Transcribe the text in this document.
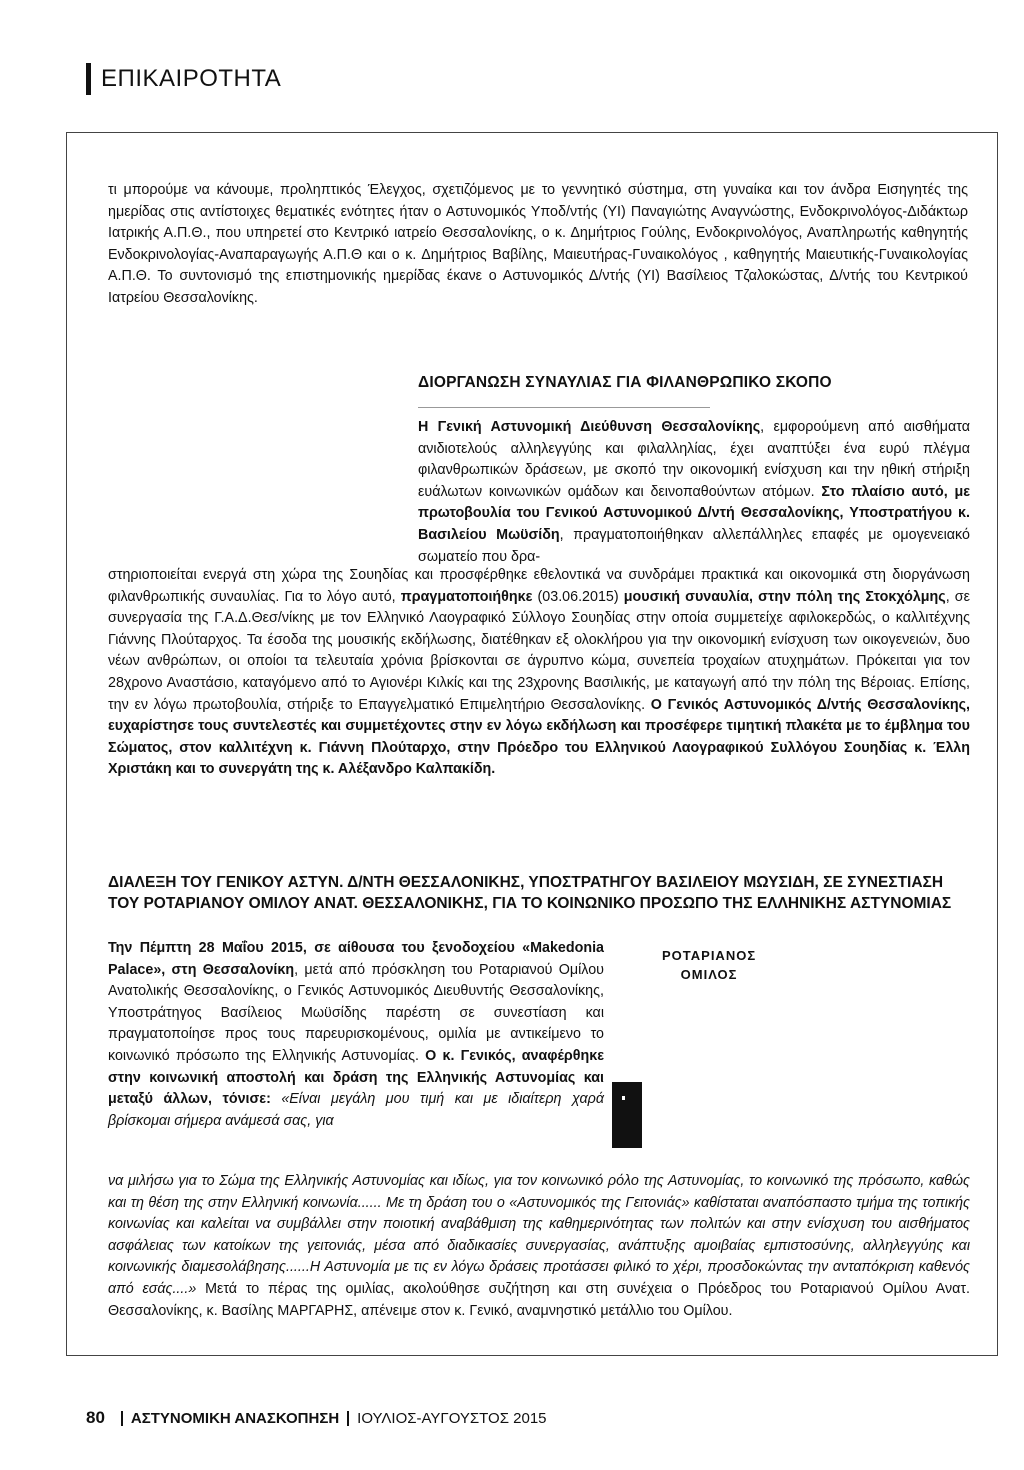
ΕΠΙΚΑΙΡΟΤΗΤΑ
τι μπορούμε να κάνουμε, προληπτικός Έλεγχος, σχετιζόμενος με το γεννητικό σύστημα, στη γυναίκα και τον άνδρα Εισηγητές της ημερίδας στις αντίστοιχες θεματικές ενότητες ήταν ο Αστυνομικός Υποδ/ντής (ΥΙ) Παναγιώτης Αναγνώστης, Ενδοκρινολόγος-Διδάκτωρ Ιατρικής Α.Π.Θ., που υπηρετεί στο Κεντρικό ιατρείο Θεσσαλονίκης, ο κ. Δημήτριος Γούλης, Ενδοκρινολόγος, Αναπληρωτής καθηγητής Ενδοκρινολογίας-Αναπαραγωγής Α.Π.Θ και ο κ. Δημήτριος Βαβίλης, Μαιευτήρας-Γυναικολόγος , καθηγητής Μαιευτικής-Γυναικολογίας Α.Π.Θ. Το συντονισμό της επιστημονικής ημερίδας έκανε ο Αστυνομικός Δ/ντής (ΥΙ) Βασίλειος Τζαλοκώστας, Δ/ντής του Κεντρικού Ιατρείου Θεσσαλονίκης.
ΔΙΟΡΓΑΝΩΣΗ ΣΥΝΑΥΛΙΑΣ ΓΙΑ ΦΙΛΑΝΘΡΩΠΙΚΟ ΣΚΟΠΟ
Η Γενική Αστυνομική Διεύθυνση Θεσσαλονίκης, εμφορούμενη από αισθήματα ανιδιοτελούς αλληλεγγύης και φιλαλληλίας, έχει αναπτύξει ένα ευρύ πλέγμα φιλανθρωπικών δράσεων, με σκοπό την οικονομική ενίσχυση και την ηθική στήριξη ευάλωτων κοινωνικών ομάδων και δεινοπαθούντων ατόμων. Στο πλαίσιο αυτό, με πρωτοβουλία του Γενικού Αστυνομικού Δ/ντή Θεσσαλονίκης, Υποστρατήγου κ. Βασιλείου Μωϋσίδη, πραγματοποιήθηκαν αλλεπάλληλες επαφές με ομογενειακό σωματείο που δρα-
στηριοποιείται ενεργά στη χώρα της Σουηδίας και προσφέρθηκε εθελοντικά να συνδράμει πρακτικά και οικονομικά στη διοργάνωση φιλανθρωπικής συναυλίας. Για το λόγο αυτό, πραγματοποιήθηκε (03.06.2015) μουσική συναυλία, στην πόλη της Στοκχόλμης, σε συνεργασία της Γ.Α.Δ.Θεσ/νίκης με τον Ελληνικό Λαογραφικό Σύλλογο Σουηδίας στην οποία συμμετείχε αφιλοκερδώς, ο καλλιτέχνης Γιάννης Πλούταρχος. Τα έσοδα της μουσικής εκδήλωσης, διατέθηκαν εξ ολοκλήρου για την οικονομική ενίσχυση των οικογενειών, δυο νέων ανθρώπων, οι οποίοι τα τελευταία χρόνια βρίσκονται σε άγρυπνο κώμα, συνεπεία τροχαίων ατυχημάτων. Πρόκειται για τον 28χρονο Αναστάσιο, καταγόμενο από το Αγιονέρι Κιλκίς και της 23χρονης Βασιλικής, με καταγωγή από την πόλη της Βέροιας. Επίσης, την εν λόγω πρωτοβουλία, στήριξε το Επαγγελματικό Επιμελητήριο Θεσσαλονίκης. Ο Γενικός Αστυνομικός Δ/ντής Θεσσαλονίκης, ευχαρίστησε τους συντελεστές και συμμετέχοντες στην εν λόγω εκδήλωση και προσέφερε τιμητική πλακέτα με το έμβλημα του Σώματος, στον καλλιτέχνη κ. Γιάννη Πλούταρχο, στην Πρόεδρο του Ελληνικού Λαογραφικού Συλλόγου Σουηδίας κ. Έλλη Χριστάκη και το συνεργάτη της κ. Αλέξανδρο Καλπακίδη.
ΔΙΑΛΕΞΗ ΤΟΥ ΓΕΝΙΚΟΥ ΑΣΤΥΝ. Δ/ΝΤΗ ΘΕΣΣΑΛΟΝΙΚΗΣ, ΥΠΟΣΤΡΑΤΗΓΟΥ ΒΑΣΙΛΕΙΟΥ ΜΩΥΣΙΔΗ, ΣΕ ΣΥΝΕΣΤΙΑΣΗ ΤΟΥ ΡΟΤΑΡΙΑΝΟΥ ΟΜΙΛΟΥ ΑΝΑΤ. ΘΕΣΣΑΛΟΝΙΚΗΣ, ΓΙΑ ΤΟ ΚΟΙΝΩΝΙΚΟ ΠΡΟΣΩΠΟ ΤΗΣ ΕΛΛΗΝΙΚΗΣ ΑΣΤΥΝΟΜΙΑΣ
Την Πέμπτη 28 Μαΐου 2015, σε αίθουσα του ξενοδοχείου «Makedonia Palace», στη Θεσσαλονίκη, μετά από πρόσκληση του Ροταριανού Ομίλου Ανατολικής Θεσσαλονίκης, ο Γενικός Αστυνομικός Διευθυντής Θεσσαλονίκης, Υποστράτηγος Βασίλειος Μωϋσίδης παρέστη σε συνεστίαση και πραγματοποίησε προς τους παρευρισκομένους, ομιλία με αντικείμενο το κοινωνικό πρόσωπο της Ελληνικής Αστυνομίας. Ο κ. Γενικός, αναφέρθηκε στην κοινωνική αποστολή και δράση της Ελληνικής Αστυνομίας και μεταξύ άλλων, τόνισε: «Είναι μεγάλη μου τιμή και με ιδιαίτερη χαρά βρίσκομαι σήμερα ανάμεσά σας, για
ΡΟΤΑΡΙΑΝΟΣ
ΟΜΙΛΟΣ
να μιλήσω για το Σώμα της Ελληνικής Αστυνομίας και ιδίως, για τον κοινωνικό ρόλο της Αστυνομίας, το κοινωνικό της πρόσωπο, καθώς και τη θέση της στην Ελληνική κοινωνία...... Με τη δράση του ο «Αστυνομικός της Γειτονιάς» καθίσταται αναπόσπαστο τμήμα της τοπικής κοινωνίας και καλείται να συμβάλλει στην ποιοτική αναβάθμιση της καθημερινότητας των πολιτών και στην ενίσχυση του αισθήματος ασφάλειας των κατοίκων της γειτονιάς, μέσα από διαδικασίες συνεργασίας, ανάπτυξης αμοιβαίας εμπιστοσύνης, αλληλεγγύης και κοινωνικής διαμεσολάβησης......Η Αστυνομία με τις εν λόγω δράσεις προτάσσει φιλικό το χέρι, προσδοκώντας την ανταπόκριση καθενός από εσάς....» Μετά το πέρας της ομιλίας, ακολούθησε συζήτηση και στη συνέχεια ο Πρόεδρος του Ροταριανού Ομίλου Ανατ. Θεσσαλονίκης, κ. Βασίλης ΜΑΡΓΑΡΗΣ, απένειμε στον κ. Γενικό, αναμνηστικό μετάλλιο του Ομίλου.
80 ΑΣΤΥΝΟΜΙΚΗ ΑΝΑΣΚΟΠΗΣΗ ΙΟΥΛΙΟΣ-ΑΥΓΟΥΣΤΟΣ 2015
